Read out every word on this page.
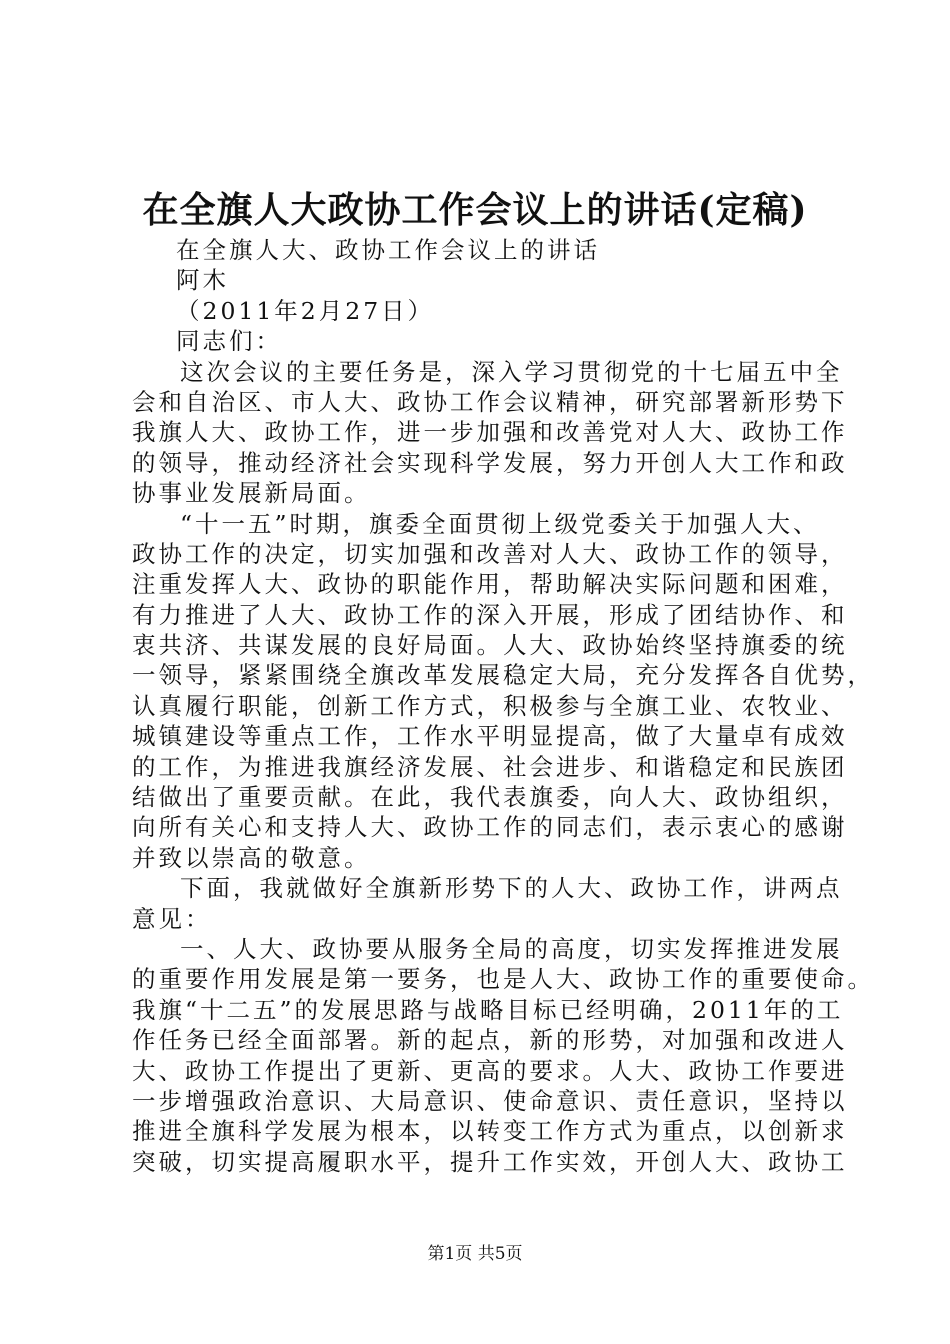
在全旗人大政协工作会议上的讲话(定稿)
在全旗人大、政协工作会议上的讲话
阿木
（2011年2月27日）
同志们：
这次会议的主要任务是，深入学习贯彻党的十七届五中全
会和自治区、市人大、政协工作会议精神，研究部署新形势下
我旗人大、政协工作，进一步加强和改善党对人大、政协工作
的领导，推动经济社会实现科学发展，努力开创人大工作和政
协事业发展新局面。
“十一五”时期，旗委全面贯彻上级党委关于加强人大、
政协工作的决定，切实加强和改善对人大、政协工作的领导，
注重发挥人大、政协的职能作用，帮助解决实际问题和困难，
有力推进了人大、政协工作的深入开展，形成了团结协作、和
衷共济、共谋发展的良好局面。人大、政协始终坚持旗委的统
一领导，紧紧围绕全旗改革发展稳定大局，充分发挥各自优势，
认真履行职能，创新工作方式，积极参与全旗工业、农牧业、
城镇建设等重点工作，工作水平明显提高，做了大量卓有成效
的工作，为推进我旗经济发展、社会进步、和谐稳定和民族团
结做出了重要贡献。在此，我代表旗委，向人大、政协组织，
向所有关心和支持人大、政协工作的同志们，表示衷心的感谢
并致以崇高的敬意。
下面，我就做好全旗新形势下的人大、政协工作，讲两点
意见：
一、人大、政协要从服务全局的高度，切实发挥推进发展
的重要作用发展是第一要务，也是人大、政协工作的重要使命。
我旗“十二五”的发展思路与战略目标已经明确，2011年的工
作任务已经全面部署。新的起点，新的形势，对加强和改进人
大、政协工作提出了更新、更高的要求。人大、政协工作要进
一步增强政治意识、大局意识、使命意识、责任意识，坚持以
推进全旗科学发展为根本，以转变工作方式为重点，以创新求
突破，切实提高履职水平，提升工作实效，开创人大、政协工
第1页 共5页
